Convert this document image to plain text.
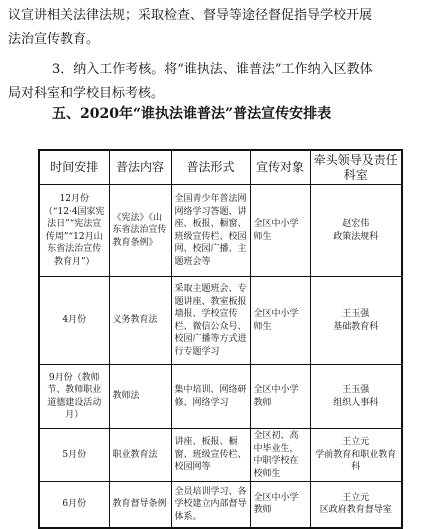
议宣讲相关法律法规；采取检查、督导等途径督促指导学校开展
法治宣传教育。
3．纳入工作考核。将“谁执法、谁普法”工作纳入区教体
局对科室和学校目标考核。
五、2020年“谁执法谁普法”普法宣传安排表
时间安排	普法内容	普法形式	宣传对象	牵头领导及责任科室
12月份（“12·4国家宪法日”“宪法宣传周”“12月山东省法治宣传教育月”）	《宪法》《山东省法治宣传教育条例》	全国青少年普法网网络学习答题、讲座、板报、橱窗、班级宣传栏、校园网、校园广播、主题班会等	全区中小学师生	赵宏伟
政策法规科

4月份	义务教育法	采取主题班会、专题讲座、教室板报墙报、学校宣传栏、微信公众号、校园广播等方式进行专题学习	全区中小学师生	王玉强
基础教育科

9月份（教师节、教师职业道德建设活动月）	教师法	集中培训、网络研修、网络学习	全区中小学教师	王玉强
组织人事科

5月份	职业教育法	讲座、板报、橱窗、班级宣传栏、校园网等	全区初、高中毕业生，中职学校在校师生	王立元
学前教育和职业教育科

6月份	教育督导条例	全员培训学习、各学校建立内部督导体系。	全区中小学教师	王立元
区政府教育督导室
